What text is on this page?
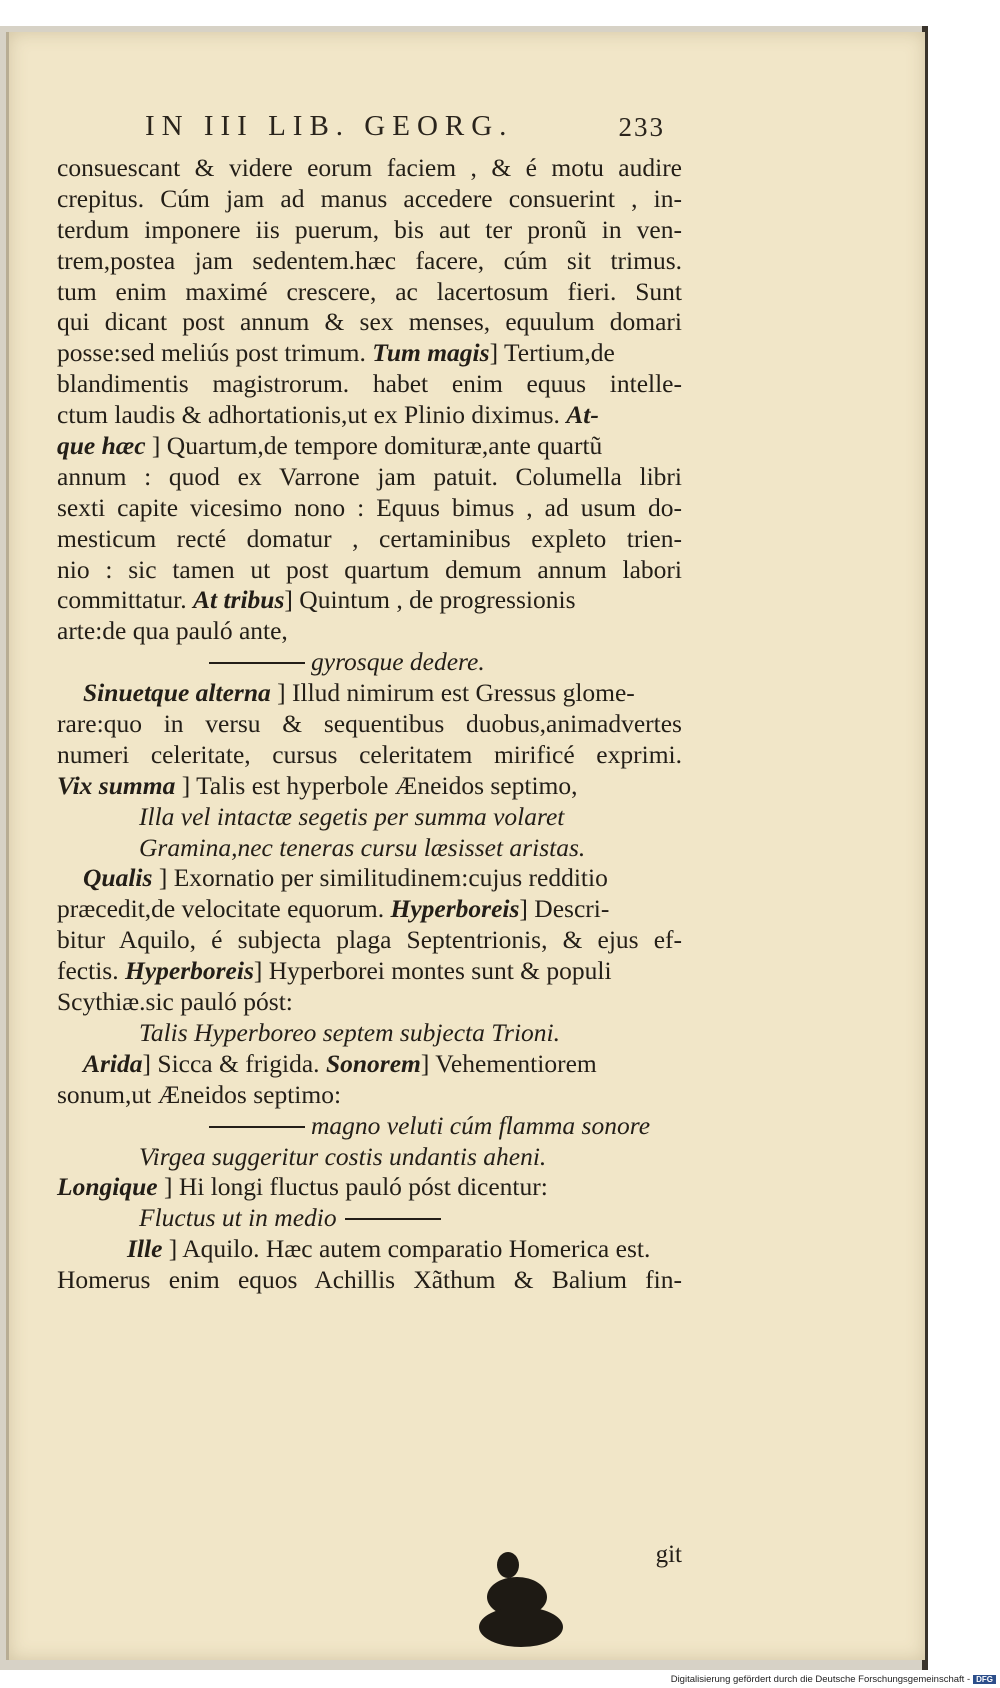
IN III LIB. GEORG.	233
consuescant & videre eorum faciem , & é motu audire
crepitus. Cúm jam ad manus accedere consuerint , in-
terdum imponere iis puerum, bis aut ter pronũ in ven-
trem,postea jam sedentem.hæc facere, cúm sit trimus.
tum enim maximé crescere, ac lacertosum fieri. Sunt
qui dicant post annum & sex menses, equulum domari
posse:sed meliús post trimum. Tum magis] Tertium,de
blandimentis magistrorum. habet enim equus intelle-
ctum laudis & adhortationis,ut ex Plinio diximus. At-
que hæc ] Quartum,de tempore domituræ,ante quartũ
annum : quod ex Varrone jam patuit. Columella libri
sexti capite vicesimo nono : Equus bimus , ad usum do-
mesticum recté domatur , certaminibus expleto trien-
nio : sic tamen ut post quartum demum annum labori
committatur. At tribus] Quintum , de progressionis
arte:de qua pauló ante,
gyrosque dedere.
Sinuetque alterna ] Illud nimirum est Gressus glome-
rare:quo in versu & sequentibus duobus,animadvertes
numeri celeritate, cursus celeritatem mirificé exprimi.
Vix summa ] Talis est hyperbole Æneidos septimo,
Illa vel intactæ segetis per summa volaret
Gramina,nec teneras cursu læsisset aristas.
Qualis ] Exornatio per similitudinem:cujus redditio
præcedit,de velocitate equorum. Hyperboreis] Descri-
bitur Aquilo, é subjecta plaga Septentrionis, & ejus ef-
fectis. Hyperboreis] Hyperborei montes sunt & populi
Scythiæ.sic pauló póst:
Talis Hyperboreo septem subjecta Trioni.
Arida] Sicca & frigida. Sonorem] Vehementiorem
sonum,ut Æneidos septimo:
magno veluti cúm flamma sonore
Virgea suggeritur costis undantis aheni.
Longique ] Hi longi fluctus pauló póst dicentur:
Fluctus ut in medio
Ille ] Aquilo. Hæc autem comparatio Homerica est.
Homerus enim equos Achillis Xãthum & Balium fin-
git
Digitalisierung gefördert durch die Deutsche Forschungsgemeinschaft - DFG
